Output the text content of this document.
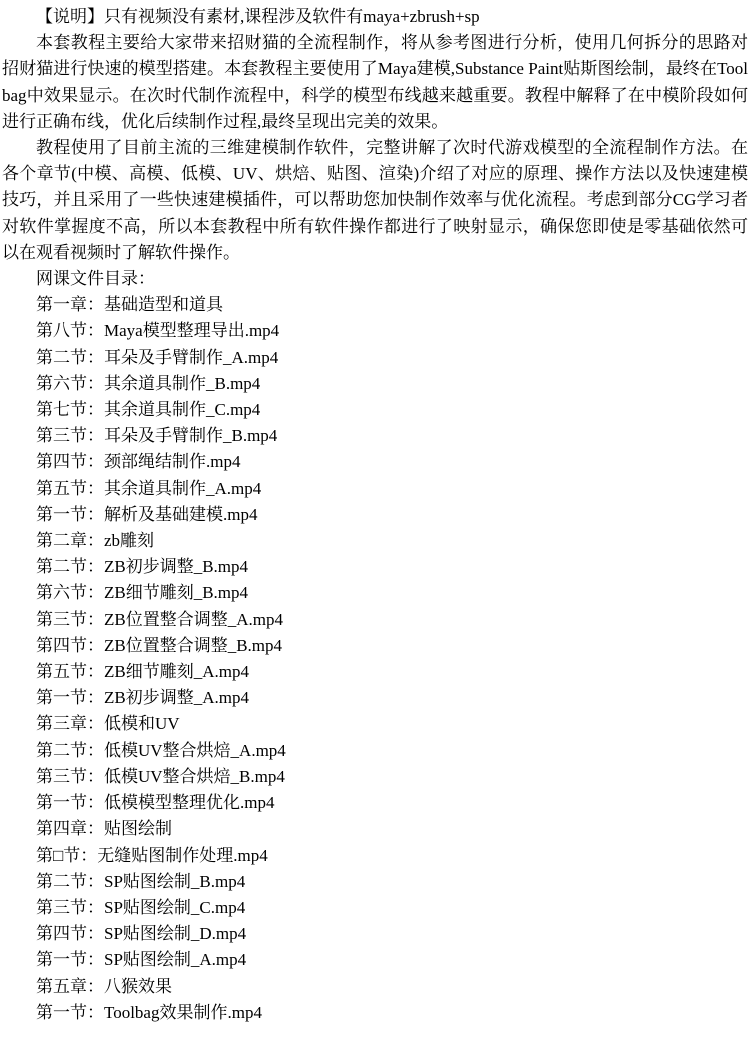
【说明】只有视频没有素材,课程涉及软件有maya+zbrush+sp

本套教程主要给大家带来招财猫的全流程制作，将从参考图进行分析，使用几何拆分的思路对招财猫进行快速的模型搭建。本套教程主要使用了Maya建模,Substance Paint贴斯图绘制，最终在Toolbag中效果显示。在次时代制作流程中，科学的模型布线越来越重要。教程中解释了在中模阶段如何进行正确布线，优化后续制作过程,最终呈现出完美的效果。

教程使用了目前主流的三维建模制作软件，完整讲解了次时代游戏模型的全流程制作方法。在各个章节(中模、高模、低模、UV、烘焙、贴图、渲染)介绍了对应的原理、操作方法以及快速建模技巧，并且采用了一些快速建模插件，可以帮助您加快制作效率与优化流程。考虑到部分CG学习者对软件掌握度不高，所以本套教程中所有软件操作都进行了映射显示，确保您即使是零基础依然可以在观看视频时了解软件操作。

网课文件目录：

第一章：基础造型和道具

第八节：Maya模型整理导出.mp4

第二节：耳朵及手臂制作_A.mp4

第六节：其余道具制作_B.mp4

第七节：其余道具制作_C.mp4

第三节：耳朵及手臂制作_B.mp4

第四节：颈部绳结制作.mp4

第五节：其余道具制作_A.mp4

第一节：解析及基础建模.mp4

第二章：zb雕刻

第二节：ZB初步调整_B.mp4

第六节：ZB细节雕刻_B.mp4

第三节：ZB位置整合调整_A.mp4

第四节：ZB位置整合调整_B.mp4

第五节：ZB细节雕刻_A.mp4

第一节：ZB初步调整_A.mp4

第三章：低模和UV

第二节：低模UV整合烘焙_A.mp4

第三节：低模UV整合烘焙_B.mp4

第一节：低模模型整理优化.mp4

第四章：贴图绘制

第□节：无缝贴图制作处理.mp4

第二节：SP贴图绘制_B.mp4

第三节：SP贴图绘制_C.mp4

第四节：SP贴图绘制_D.mp4

第一节：SP贴图绘制_A.mp4

第五章：八猴效果

第一节：Toolbag效果制作.mp4
